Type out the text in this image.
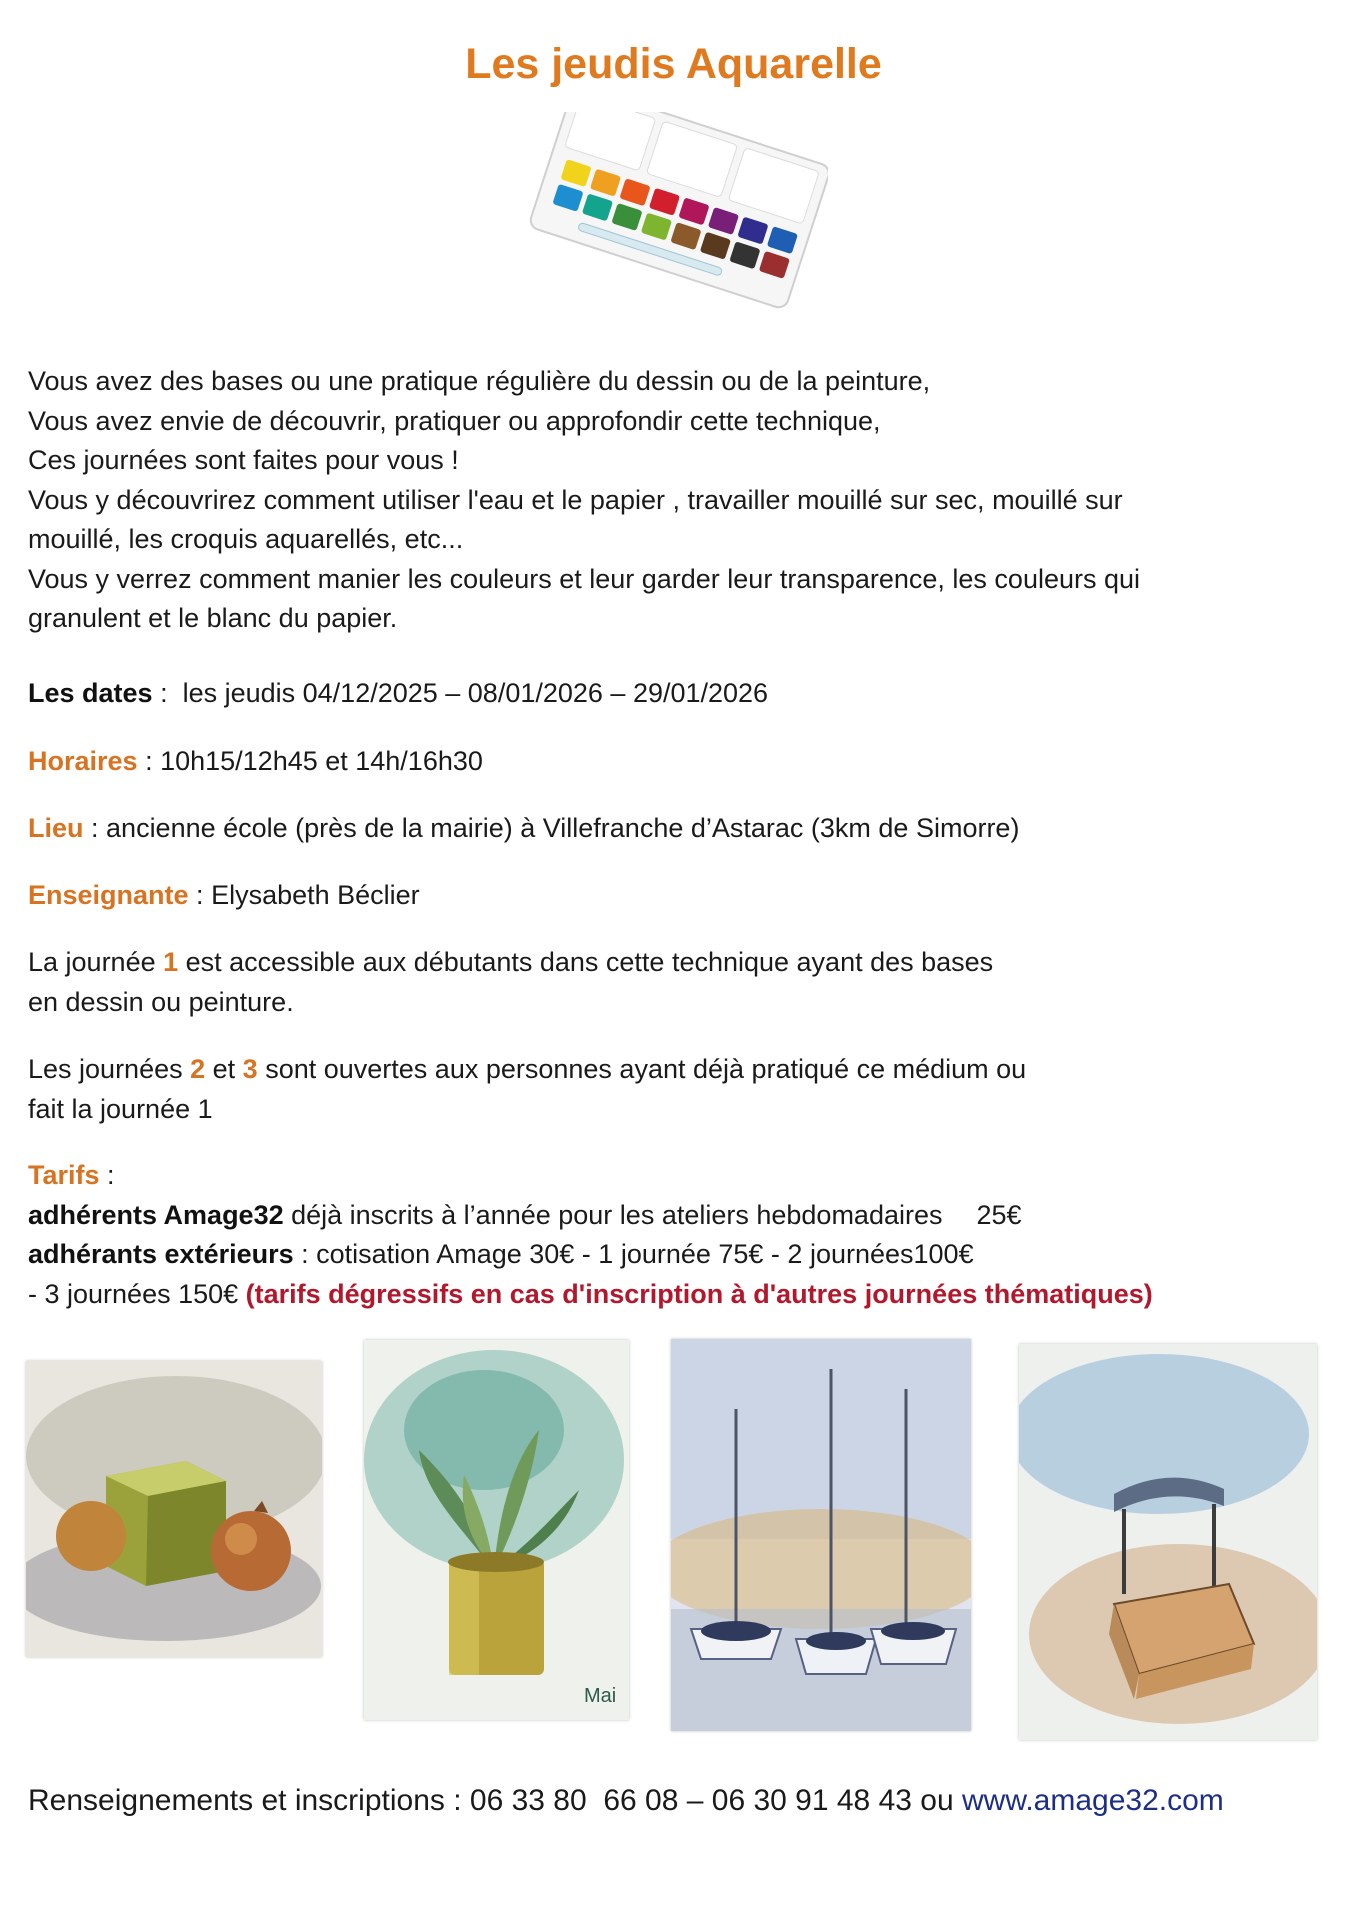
Les jeudis Aquarelle

Vous avez des bases ou une pratique régulière du dessin ou de la peinture,

Vous avez envie de découvrir, pratiquer ou approfondir cette technique,

Ces journées sont faites pour vous !

Vous y découvrirez comment utiliser l'eau et le papier , travailler mouillé sur sec, mouillé sur

mouillé, les croquis aquarellés, etc...

Vous y verrez comment manier les couleurs et leur garder leur transparence, les couleurs qui

granulent et le blanc du papier.

Les dates :  les jeudis 04/12/2025 – 08/01/2026 – 29/01/2026
Horaires : 10h15/12h45 et 14h/16h30
Lieu : ancienne école (près de la mairie) à Villefranche d’Astarac (3km de Simorre)
Enseignante : Elysabeth Béclier
La journée 1 est accessible aux débutants dans cette technique ayant des bases
en dessin ou peinture.
Les journées 2 et 3 sont ouvertes aux personnes ayant déjà pratiqué ce médium ou
fait la journée 1
Tarifs :
adhérents Amage32 déjà inscrits à l’année pour les ateliers hebdomadaires 25€
adhérants extérieurs : cotisation Amage 30€ - 1 journée 75€ - 2 journées100€
- 3 journées 150€ (tarifs dégressifs en cas d'inscription à d'autres journées thématiques)
Mai
Renseignements et inscriptions : 06 33 80  66 08 – 06 30 91 48 43 ou www.amage32.com
